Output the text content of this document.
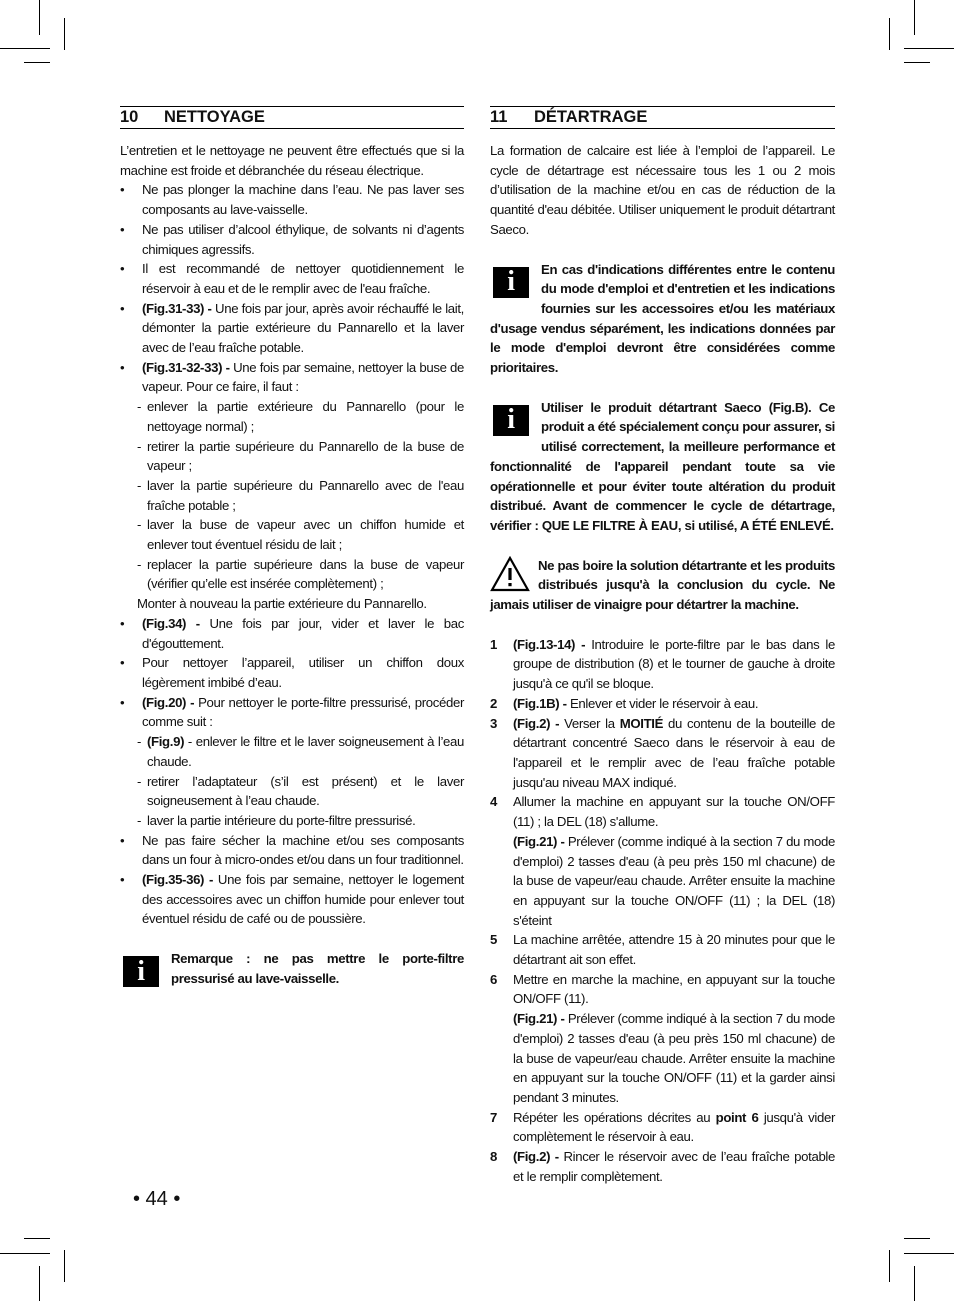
10	NETTOYAGE

L’entretien et le nettoyage ne peuvent être effectués que si la machine est froide et débranchée du réseau électrique.

• Ne pas plonger la machine dans l’eau. Ne pas laver ses composants au lave-vaisselle.
• Ne pas utiliser d’alcool éthylique, de solvants ni d’agents chimiques agressifs.
• Il est recommandé de nettoyer quotidiennement le réservoir à eau et de le remplir avec de l'eau fraîche.
• (Fig.31-33) - Une fois par jour, après avoir réchauffé le lait, démonter la partie extérieure du Pannarello et la laver avec de l’eau fraîche potable.
• (Fig.31-32-33) - Une fois par semaine, nettoyer la buse de vapeur. Pour ce faire, il faut :
- enlever la partie extérieure du Pannarello (pour le nettoyage normal) ;
- retirer la partie supérieure du Pannarello de la buse de vapeur ;
- laver la partie supérieure du Pannarello avec de l'eau fraîche potable ;
- laver la buse de vapeur avec un chiffon humide et enlever tout éventuel résidu de lait ;
- replacer la partie supérieure dans la buse de vapeur (vérifier qu’elle est insérée complètement) ;

Monter à nouveau la partie extérieure du Pannarello.

• (Fig.34) - Une fois par jour, vider et laver le bac d'égouttement.
• Pour nettoyer l’appareil, utiliser un chiffon doux légèrement imbibé d’eau.
• (Fig.20) - Pour nettoyer le porte-filtre pressurisé, procéder comme suit :
- (Fig.9) - enlever le filtre et le laver soigneusement à l’eau chaude.
- retirer l’adaptateur (s’il est présent) et le laver soigneusement à l’eau chaude.
- laver la partie intérieure du porte-filtre pressurisé.
• Ne pas faire sécher la machine et/ou ses composants dans un four à micro-ondes et/ou dans un four traditionnel.
• (Fig.35-36) - Une fois par semaine, nettoyer le logement des accessoires avec un chiffon humide pour enlever tout éventuel résidu de café ou de poussière.
i	Remarque : ne pas mettre le porte-filtre pressurisé au lave-vaisselle.
11	DÉTARTRAGE

La formation de calcaire est liée à l’emploi de l’appareil. Le cycle de détartrage est nécessaire tous les 1 ou 2 mois d’utilisation de la machine et/ou en cas de réduction de la quantité d'eau débitée. Utiliser uniquement le produit détartrant Saeco.

i	En cas d'indications différentes entre le contenu du mode d'emploi et d'entretien et les indications fournies sur les accessoires et/ou les matériaux d'usage vendus séparément, les indications données par le mode d'emploi devront être considérées comme prioritaires.
i	Utiliser le produit détartrant Saeco (Fig.B). Ce produit a été spécialement conçu pour assurer, si utilisé correctement, la meilleure performance et fonctionnalité de l'appareil pendant toute sa vie opérationnelle et pour éviter toute altération du produit distribué. Avant de commencer le cycle de détartrage, vérifier : QUE LE FILTRE À EAU, si utilisé, A ÉTÉ ENLEVÉ.
Ne pas boire la solution détartrante et les produits distribués jusqu'à la conclusion du cycle. Ne jamais utiliser de vinaigre pour détartrer la machine.
1 (Fig.13-14) - Introduire le porte-filtre par le bas dans le groupe de distribution (8) et le tourner de gauche à droite jusqu'à ce qu'il se bloque.
2 (Fig.1B) - Enlever et vider le réservoir à eau.
3 (Fig.2) - Verser la MOITIÉ du contenu de la bouteille de détartrant concentré Saeco dans le réservoir à eau de l'appareil et le remplir avec de l’eau fraîche potable jusqu'au niveau MAX indiqué.
4 Allumer la machine en appuyant sur la touche ON/OFF (11) ; la DEL (18) s'allume.
(Fig.21) - Prélever (comme indiqué à la section 7 du mode d'emploi) 2 tasses d'eau (à peu près 150 ml chacune) de la buse de vapeur/eau chaude. Arrêter ensuite la machine en appuyant sur la touche ON/OFF (11) ; la DEL (18) s'éteint
5 La machine arrêtée, attendre 15 à 20 minutes pour que le détartrant ait son effet.
6 Mettre en marche la machine, en appuyant sur la touche ON/OFF (11).
(Fig.21) - Prélever (comme indiqué à la section 7 du mode d'emploi) 2 tasses d'eau (à peu près 150 ml chacune) de la buse de vapeur/eau chaude. Arrêter ensuite la machine en appuyant sur la touche ON/OFF (11) et la garder ainsi pendant 3 minutes.
7 Répéter les opérations décrites au point 6 jusqu'à vider complètement le réservoir à eau.
8 (Fig.2) - Rincer le réservoir avec de l’eau fraîche potable et le remplir complètement.
• 44 •
